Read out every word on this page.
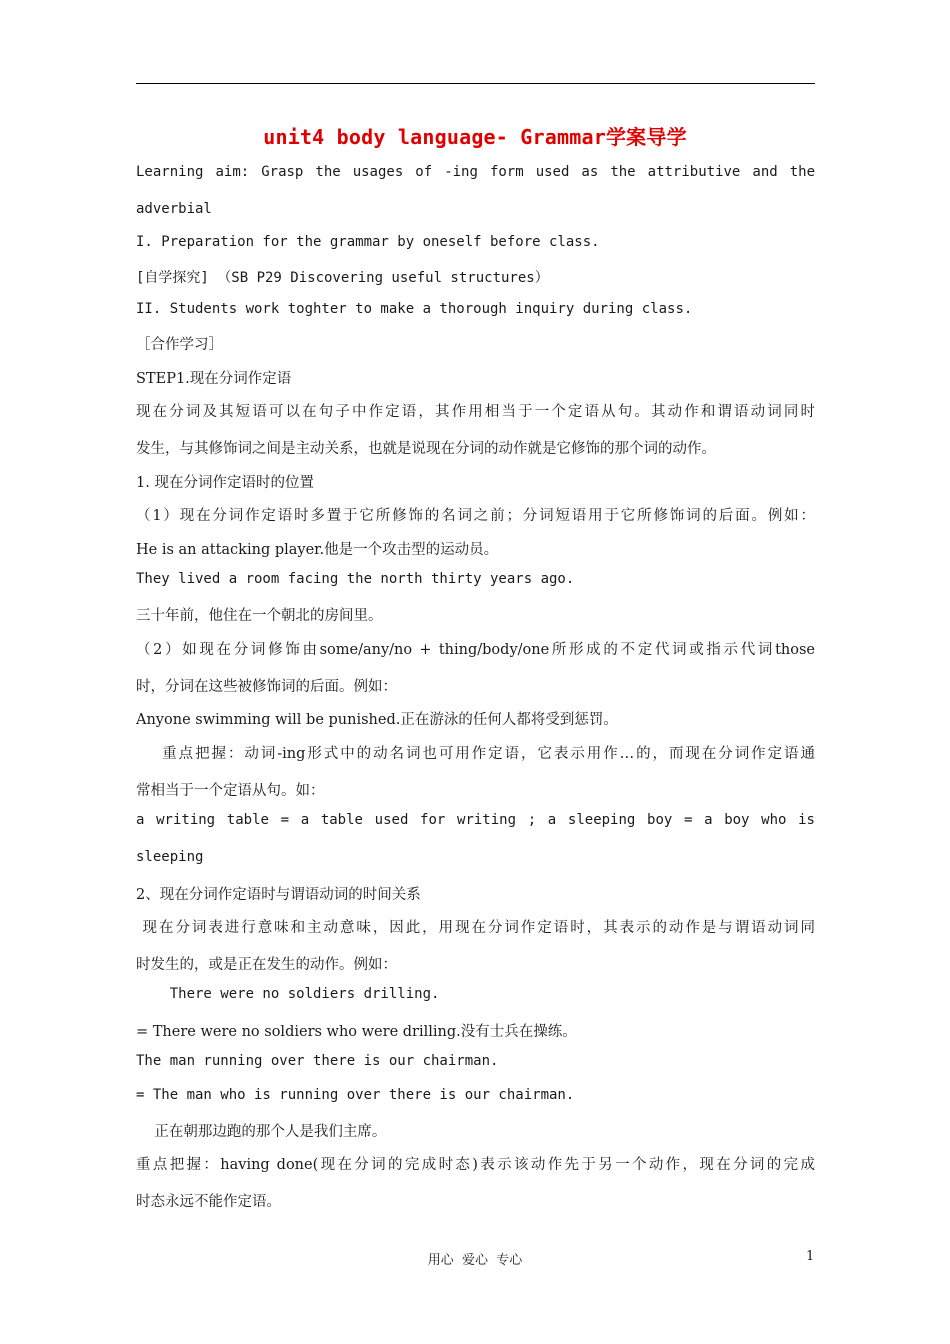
unit4 body language- Grammar学案导学
Learning aim: Grasp the usages of -ing form used as the attributive and the
adverbial
I. Preparation for the grammar by oneself before class.
[自学探究] （SB P29 Discovering useful structures）
II. Students work toghter to make a thorough inquiry during class.
［合作学习］
STEP1.现在分词作定语
现在分词及其短语可以在句子中作定语，其作用相当于一个定语从句。其动作和谓语动词同时
发生，与其修饰词之间是主动关系，也就是说现在分词的动作就是它修饰的那个词的动作。
1. 现在分词作定语时的位置
（1）现在分词作定语时多置于它所修饰的名词之前；分词短语用于它所修饰词的后面。例如：
He is an attacking player.他是一个攻击型的运动员。
They lived a room facing the north thirty years ago.
三十年前，他住在一个朝北的房间里。
（2）如现在分词修饰由some/any/no + thing/body/one所形成的不定代词或指示代词those
时，分词在这些被修饰词的后面。例如：
Anyone swimming will be punished.正在游泳的任何人都将受到惩罚。
重点把握：动词-ing形式中的动名词也可用作定语，它表示用作…的，而现在分词作定语通
常相当于一个定语从句。如：
a writing table = a table used for writing ; a sleeping boy = a boy who is
sleeping
2、现在分词作定语时与谓语动词的时间关系
现在分词表进行意味和主动意味，因此，用现在分词作定语时，其表示的动作是与谓语动词同
时发生的，或是正在发生的动作。例如：
There were no soldiers drilling.
= There were no soldiers who were drilling.没有士兵在操练。
The man running over there is our chairman.
= The man who is running over there is our chairman.
正在朝那边跑的那个人是我们主席。
重点把握：having done(现在分词的完成时态)表示该动作先于另一个动作，现在分词的完成
时态永远不能作定语。
用心  爱心  专心	1
